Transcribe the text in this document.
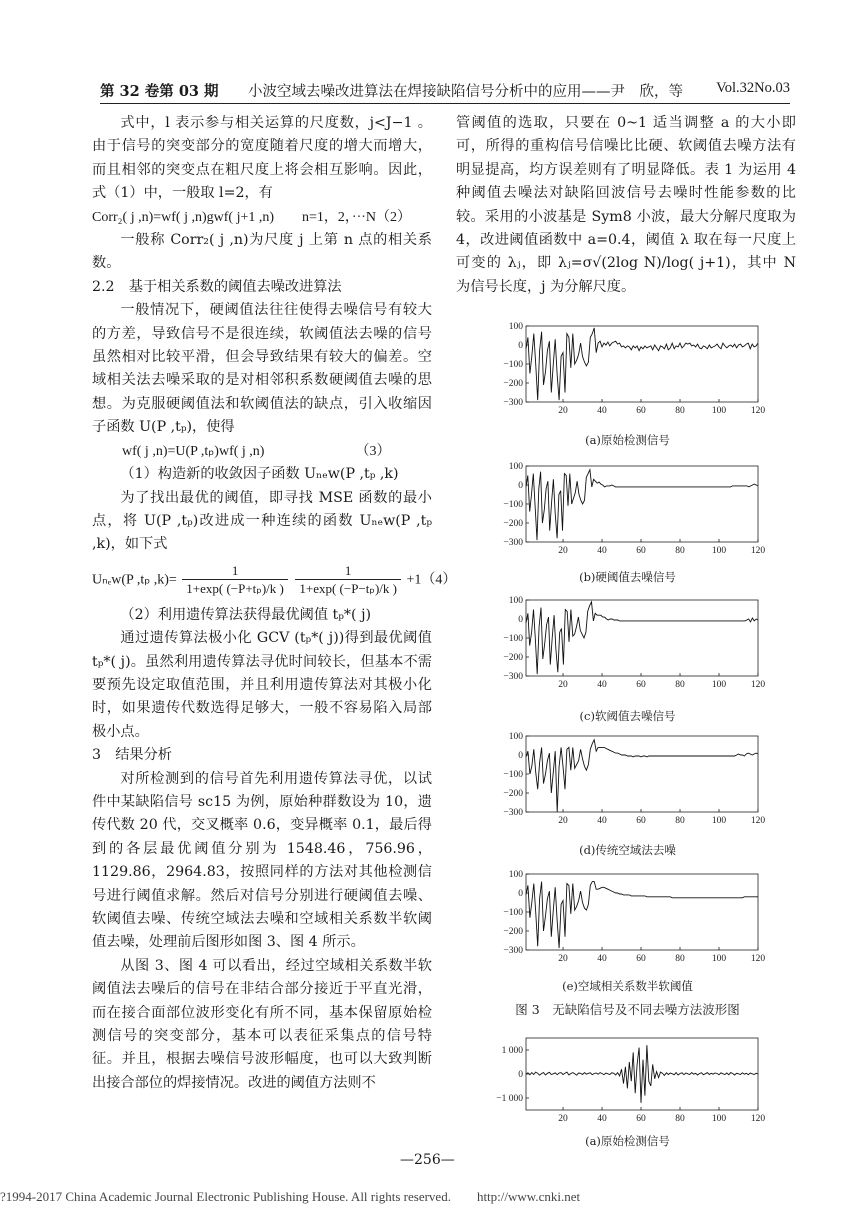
第 32 卷第 03 期 小波空域去噪改进算法在焊接缺陷信号分析中的应用——尹　欣，等 Vol.32No.03

式中，l 表示参与相关运算的尺度数，j<J−1 。由于信号的突变部分的宽度随着尺度的增大而增大，而且相邻的突变点在粗尺度上将会相互影响。因此，式（1）中，一般取 l=2，有

Corr₂( j ,n)=wf( j ,n)gwf( j+1 ,n)　　n=1，2，···N（2）

一般称 Corr₂( j ,n)为尺度 j 上第 n 点的相关系数。

2.2　基于相关系数的阈值去噪改进算法

一般情况下，硬阈值法往往使得去噪信号有较大的方差，导致信号不是很连续，软阈值法去噪的信号虽然相对比较平滑，但会导致结果有较大的偏差。空域相关法去噪采取的是对相邻积系数硬阈值去噪的思想。为克服硬阈值法和软阈值法的缺点，引入收缩因子函数 U(P ,tₚ)，使得

wf( j ,n)=U(P ,tₚ)wf( j ,n)　　　　　　　（3）

（1）构造新的收敛因子函数 Uₙₑw(P ,tₚ ,k)

为了找出最优的阈值，即寻找 MSE 函数的最小点，将 U(P ,tₚ)改进成一种连续的函数 Uₙₑw(P ,tₚ ,k)，如下式

Uₙₑw(P ,tₚ $,k)= \frac{1}{\text{1+exp( (−P+tₚ)/k )}}$
$\frac{1}{\text{1+exp( (−P−tₚ)/k )}} +1(4)$

（2）利用遗传算法获得最优阈值 tₚ*( j)

通过遗传算法极小化 GCV (tₚ*( j))得到最优阈值 tₚ*( j)。虽然利用遗传算法寻优时间较长，但基本不需要预先设定取值范围，并且利用遗传算法对其极小化时，如果遗传代数选得足够大，一般不容易陷入局部极小点。

3　结果分析

对所检测到的信号首先利用遗传算法寻优，以试件中某缺陷信号 sc15 为例，原始种群数设为 10，遗传代数 20 代，交叉概率 0.6，变异概率 0.1，最后得到的各层最优阈值分别为 1548.46，756.96，1129.86，2964.83，按照同样的方法对其他检测信号进行阈值求解。然后对信号分别进行硬阈值去噪、软阈值去噪、传统空域法去噪和空域相关系数半软阈值去噪，处理前后图形如图 3、图 4 所示。

从图 3、图 4 可以看出，经过空域相关系数半软阈值法去噪后的信号在非结合部分接近于平直光滑，而在接合面部位波形变化有所不同，基本保留原始检测信号的突变部分，基本可以表征采集点的信号特征。并且，根据去噪信号波形幅度，也可以大致判断出接合部位的焊接情况。改进的阈值方法则不

管阈值的选取，只要在 0~1 适当调整 a 的大小即可，所得的重构信号信噪比比硬、软阈值去噪方法有明显提高，均方误差则有了明显降低。表 1 为运用 4 种阈值去噪法对缺陷回波信号去噪时性能参数的比较。采用的小波基是 Sym8 小波，最大分解尺度取为 4，改进阈值函数中 a=0.4，阈值 λ 取在每一尺度上可变的 λⱼ，即 λⱼ=σ√(2log N)/log( j+1)，其中 N 为信号长度，j 为分解尺度。

100
0
−100
−200
−300
20	40	60	80	100	120
100
0
−100
−200
−300
20	40	60	80	100	120
100
0
−100
−200
−300
20	40	60	80	100	120
100
0
−100
−200
−300
20	40	60	80	100	120
100
0
−100
−200
−300
20	40	60	80	100	120
1 000
0
−1 000
20	40	60	80	100	120
(a)原始检测信号
(b)硬阈值去噪信号
(c)软阈值去噪信号
(d)传统空域法去噪
(e)空域相关系数半软阈值
图 3　无缺陷信号及不同去噪方法波形图
(a)原始检测信号
—256—
?1994-2017 China Academic Journal Electronic Publishing House. All rights reserved.　　http://www.cnki.net
